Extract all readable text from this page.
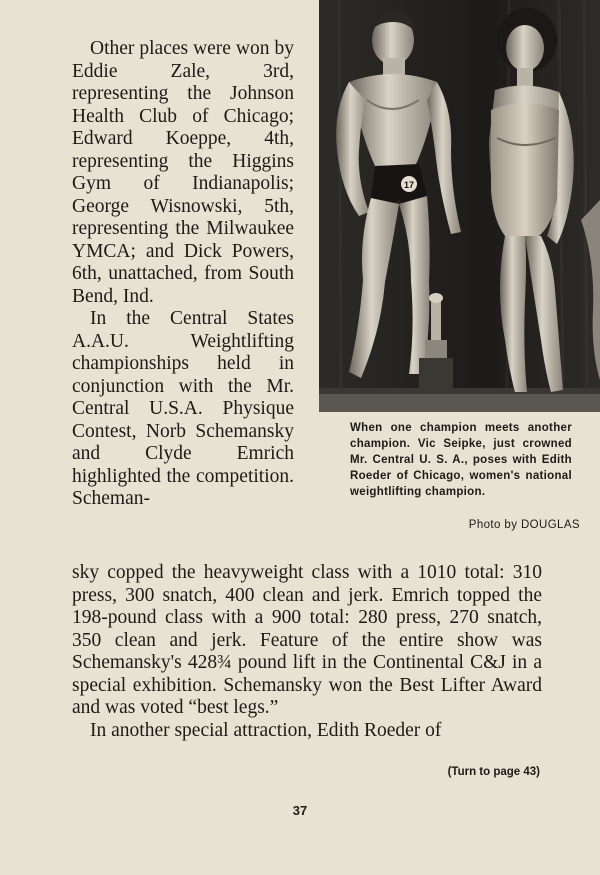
Other places were won by Eddie Zale, 3rd, representing the Johnson Health Club of Chicago; Edward Koeppe, 4th, representing the Higgins Gym of Indianapolis; George Wisnowski, 5th, representing the Milwaukee YMCA; and Dick Powers, 6th, unattached, from South Bend, Ind.

In the Central States A.A.U. Weightlifting championships held in conjunction with the Mr. Central U.S.A. Physique Contest, Norb Schemansky and Clyde Emrich highlighted the competition. Scheman-

17
When one champion meets another champion. Vic Seipke, just crowned Mr. Central U. S. A., poses with Edith Roeder of Chicago, women's national weightlifting champion.
Photo by DOUGLAS

sky copped the heavyweight class with a 1010 total: 310 press, 300 snatch, 400 clean and jerk. Emrich topped the 198-pound class with a 900 total: 280 press, 270 snatch, 350 clean and jerk. Feature of the entire show was Schemansky's 428¾ pound lift in the Continental C&J in a special exhibition. Schemansky won the Best Lifter Award and was voted “best legs.”

In another special attraction, Edith Roeder of

(Turn to page 43)
37
